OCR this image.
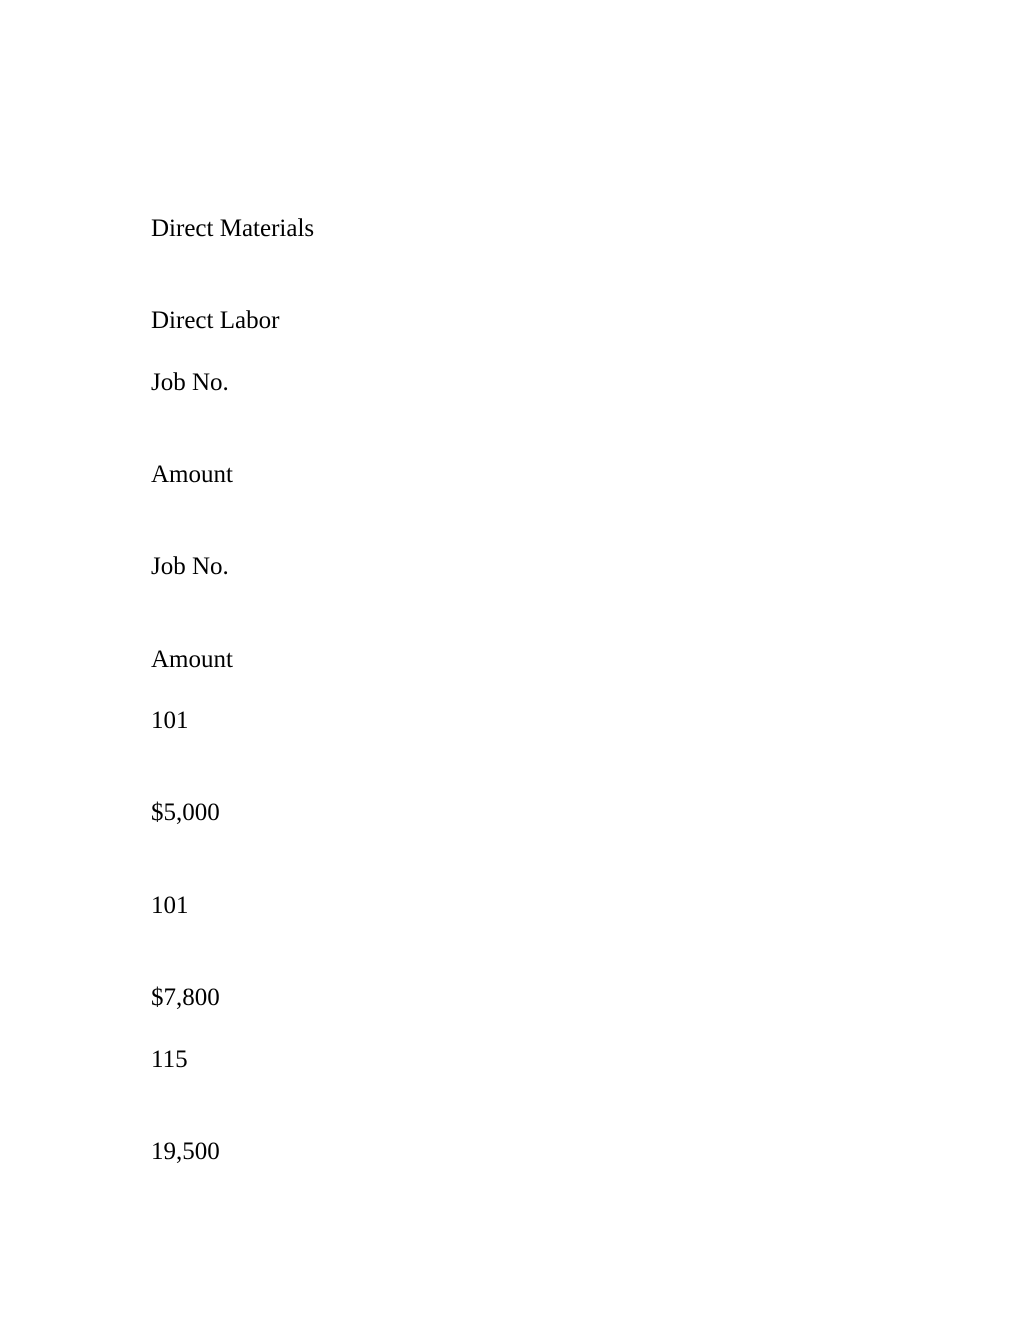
Direct Materials
Direct Labor
Job No.
Amount
Job No.
Amount
101
$5,000
101
$7,800
115
19,500
